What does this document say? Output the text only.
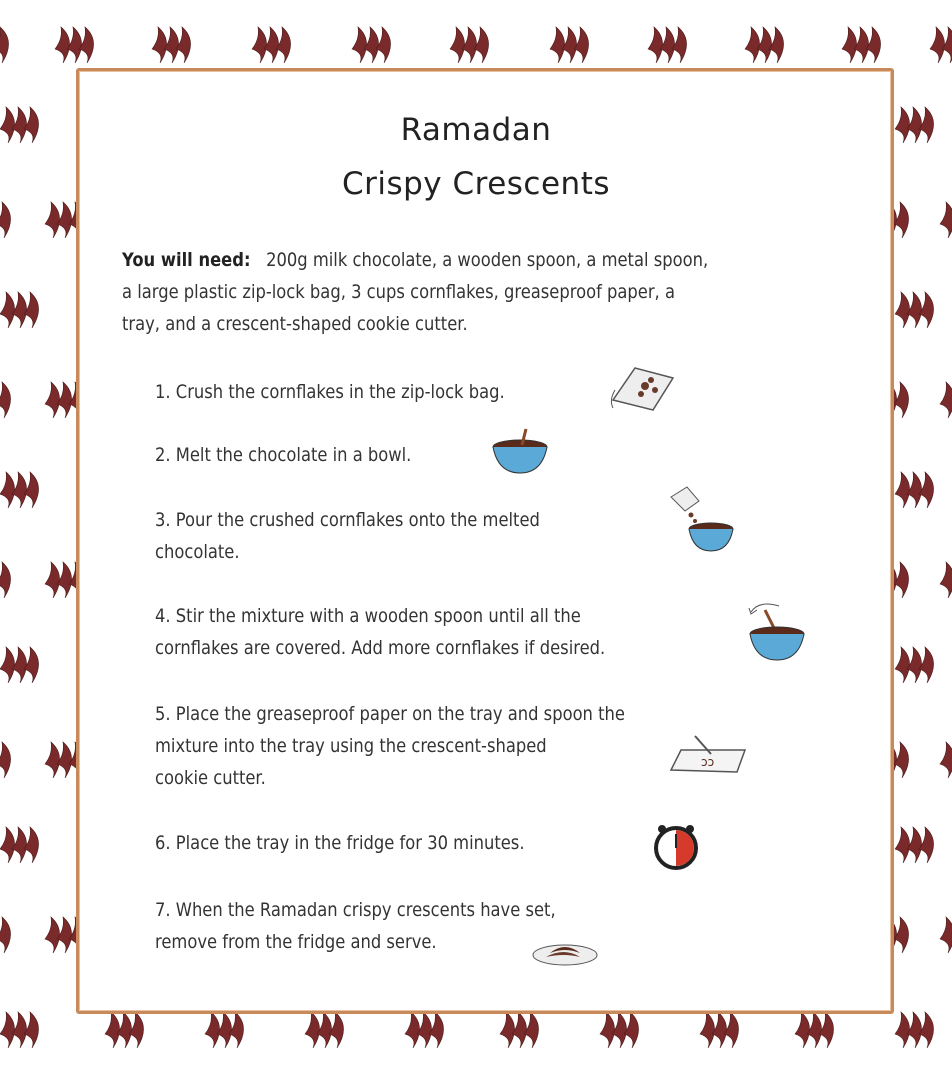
Ramadan
Crispy Crescents
You will need: 200g milk chocolate, a wooden spoon, a metal spoon,
a large plastic zip-lock bag, 3 cups cornflakes, greaseproof paper, a
tray, and a crescent-shaped cookie cutter.
1. Crush the cornflakes in the zip-lock bag.
2. Melt the chocolate in a bowl.
3. Pour the crushed cornflakes onto the melted
chocolate.
4. Stir the mixture with a wooden spoon until all the
cornflakes are covered. Add more cornflakes if desired.
5. Place the greaseproof paper on the tray and spoon the
mixture into the tray using the crescent-shaped
cookie cutter.
6. Place the tray in the fridge for 30 minutes.
7. When the Ramadan crispy crescents have set,
remove from the fridge and serve.
ↄↄ
